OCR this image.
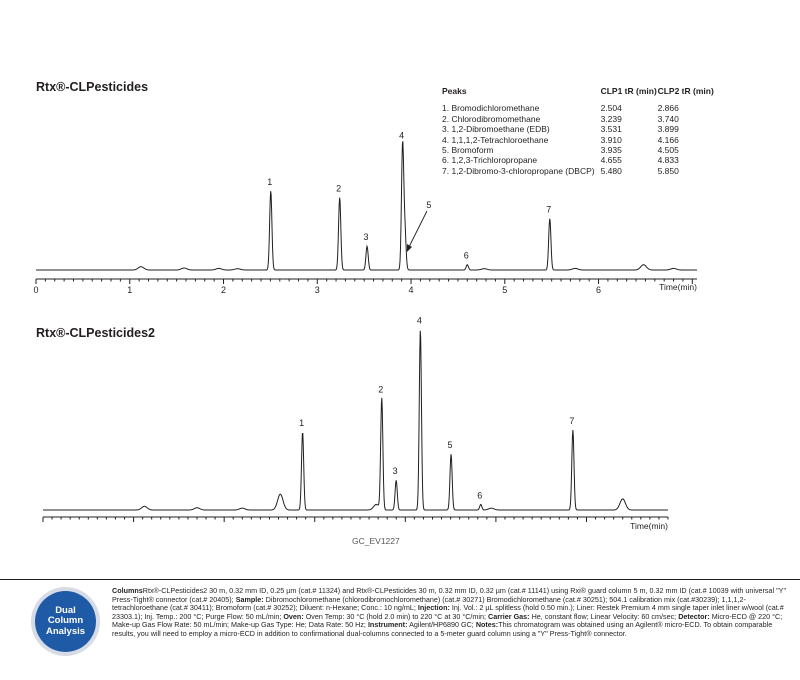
Rtx®-CLPesticides
Rtx®-CLPesticides2
0	1	2	3	4	5	6	Time(min)
1
2
3
4
5
6
7
Time(min)
1
2
3
4
5
6
7
Peaks	CLP1 tR (min)	CLP2 tR (min)
1. Bromodichloromethane	2.504	2.866
2. Chlorodibromomethane	3.239	3.740
3. 1,2-Dibromoethane (EDB)	3.531	3.899
4. 1,1,1,2-Tetrachloroethane	3.910	4.166
5. Bromoform	3.935	4.505
6. 1,2,3-Trichloropropane	4.655	4.833
7. 1,2-Dibromo-3-chloropropane (DBCP)	5.480	5.850
GC_EV1227
Dual
Column
Analysis
ColumnsRtx®-CLPesticides2 30 m, 0.32 mm ID, 0.25 µm (cat.# 11324) and Rtx®-CLPesticides 30 m, 0.32 mm ID, 0.32 µm (cat.# 11141) using Rxi® guard column 5 m, 0.32 mm ID (cat.# 10039 with universal "Y" Press-Tight® connector (cat.# 20405); Sample: Dibromochloromethane (chlorodibromochloromethane) (cat.# 30271) Bromodichloromethane (cat.# 30251); 504.1 calibration mix (cat.#30239); 1,1,1,2-tetrachloroethane (cat.# 30411); Bromoform (cat.# 30252); Diluent: n-Hexane; Conc.: 10 ng/mL; Injection: Inj. Vol.: 2 µL splitless (hold 0.50 min.); Liner: Restek Premium 4 mm single taper inlet liner w/wool (cat.# 23303.1); Inj. Temp.: 200 °C; Purge Flow: 50 mL/min; Oven: Oven Temp: 30 °C (hold 2.0 min) to 220 °C at 30 °C/min; Carrier Gas: He, constant flow; Linear Velocity: 60 cm/sec; Detector: Micro-ECD @ 220 °C; Make-up Gas Flow Rate: 50 mL/min; Make-up Gas Type: He; Data Rate: 50 Hz; Instrument: Agilent/HP6890 GC; Notes:This chromatogram was obtained using an Agilent® micro-ECD. To obtain comparable results, you will need to employ a micro-ECD in addition to confirmational dual-columns connected to a 5-meter guard column using a "Y" Press-Tight® connector.
